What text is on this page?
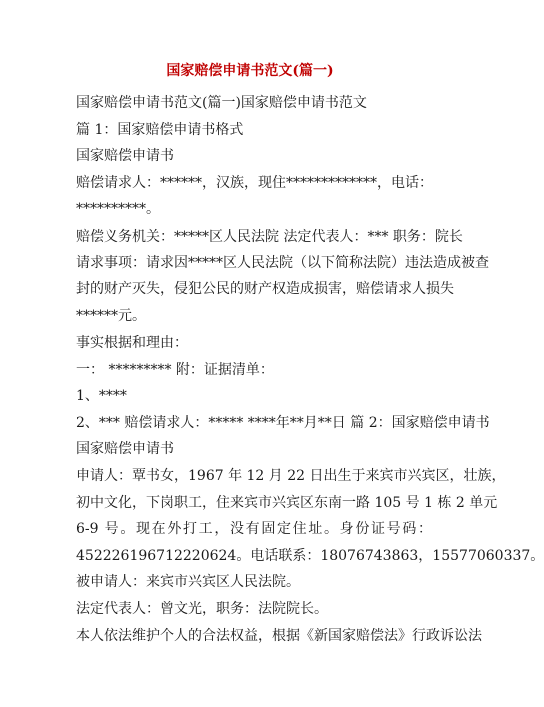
国家赔偿申请书范文(篇一)
国家赔偿申请书范文(篇一)国家赔偿申请书范文
篇 1：国家赔偿申请书格式
国家赔偿申请书
赔偿请求人：******，汉族，现住*************，电话：
**********。
赔偿义务机关：*****区人民法院 法定代表人：*** 职务：院长
请求事项：请求因*****区人民法院（以下简称法院）违法造成被查
封的财产灭失，侵犯公民的财产权造成损害，赔偿请求人损失
******元。
事实根据和理由：
一： ********* 附：证据清单：
1、****
2、*** 赔偿请求人：***** ****年**月**日 篇 2：国家赔偿申请书
国家赔偿申请书
申请人：覃书女，1967 年 12 月 22 日出生于来宾市兴宾区，壮族，
初中文化，下岗职工，住来宾市兴宾区东南一路 105 号 1 栋 2 单元
6-9 号。现在外打工，没有固定住址。身份证号码：
452226196712220624。电话联系：18076743863，15577060337。
被申请人：来宾市兴宾区人民法院。
法定代表人：曾文光，职务：法院院长。
本人依法维护个人的合法权益，根据《新国家赔偿法》行政诉讼法
